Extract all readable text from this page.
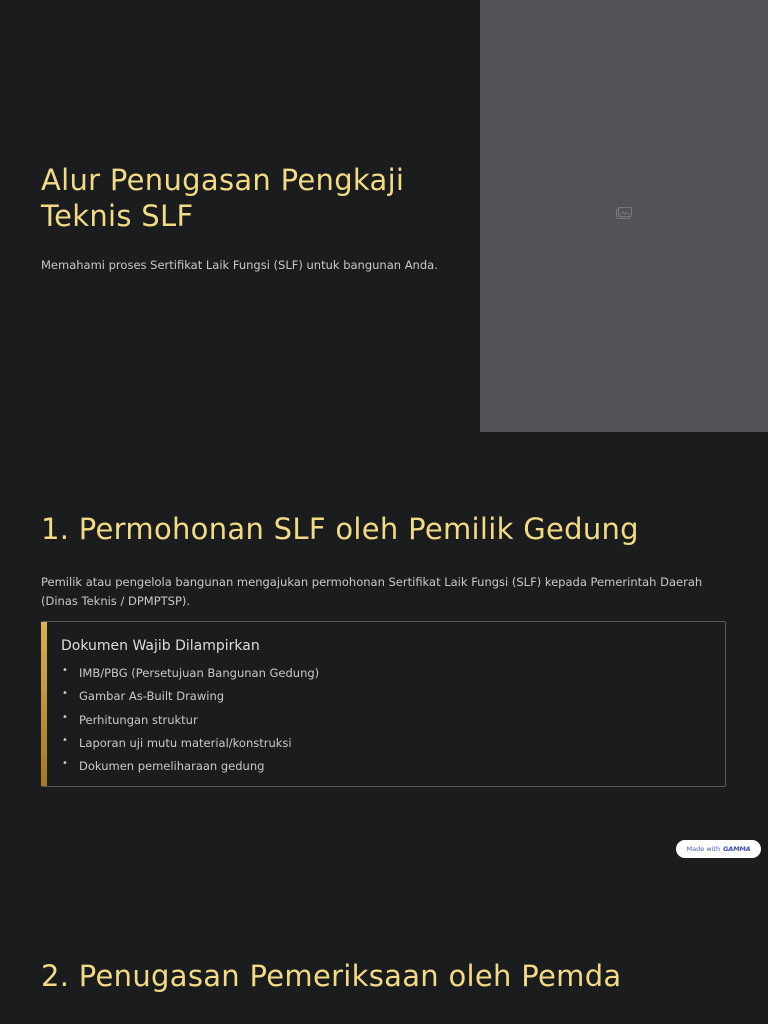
Alur Penugasan Pengkaji Teknis SLF

Memahami proses Sertifikat Laik Fungsi (SLF) untuk bangunan Anda.

1. Permohonan SLF oleh Pemilik Gedung

Pemilik atau pengelola bangunan mengajukan permohonan Sertifikat Laik Fungsi (SLF) kepada Pemerintah Daerah (Dinas Teknis / DPMPTSP).

Dokumen Wajib Dilampirkan
• IMB/PBG (Persetujuan Bangunan Gedung)
• Gambar As-Built Drawing
• Perhitungan struktur
• Laporan uji mutu material/konstruksi
• Dokumen pemeliharaan gedung
Made with GAMMA
2. Penugasan Pemeriksaan oleh Pemda
